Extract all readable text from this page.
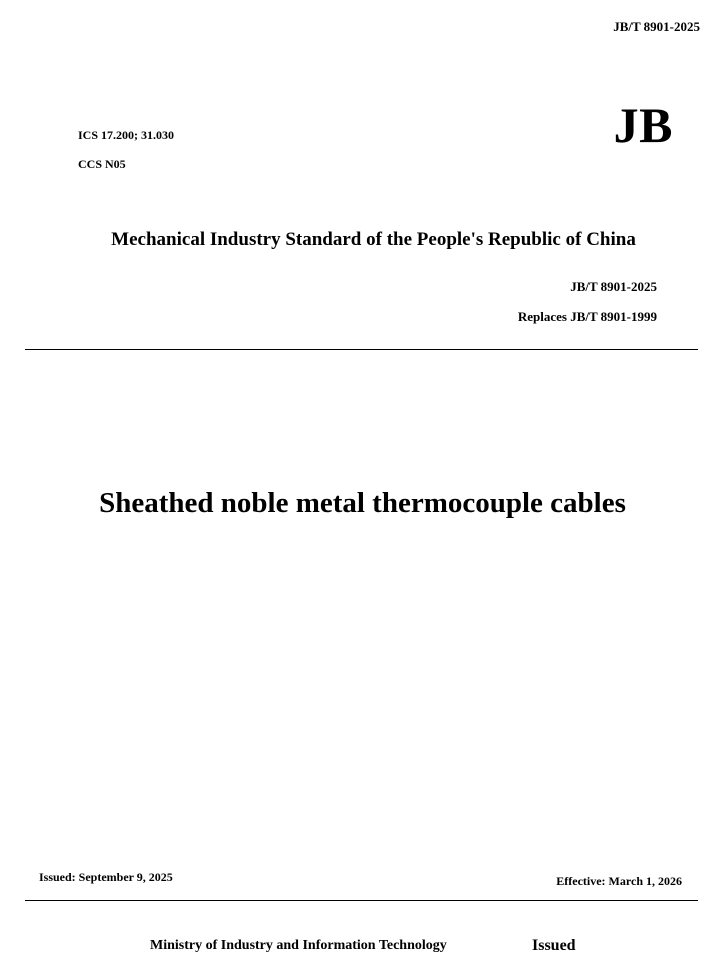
JB/T 8901-2025
ICS 17.200; 31.030
CCS N05
JB
Mechanical Industry Standard of the People's Republic of China
JB/T 8901-2025
Replaces JB/T 8901-1999
Sheathed noble metal thermocouple cables
Issued: September 9, 2025	Effective: March 1, 2026
Ministry of Industry and Information Technology	Issued
